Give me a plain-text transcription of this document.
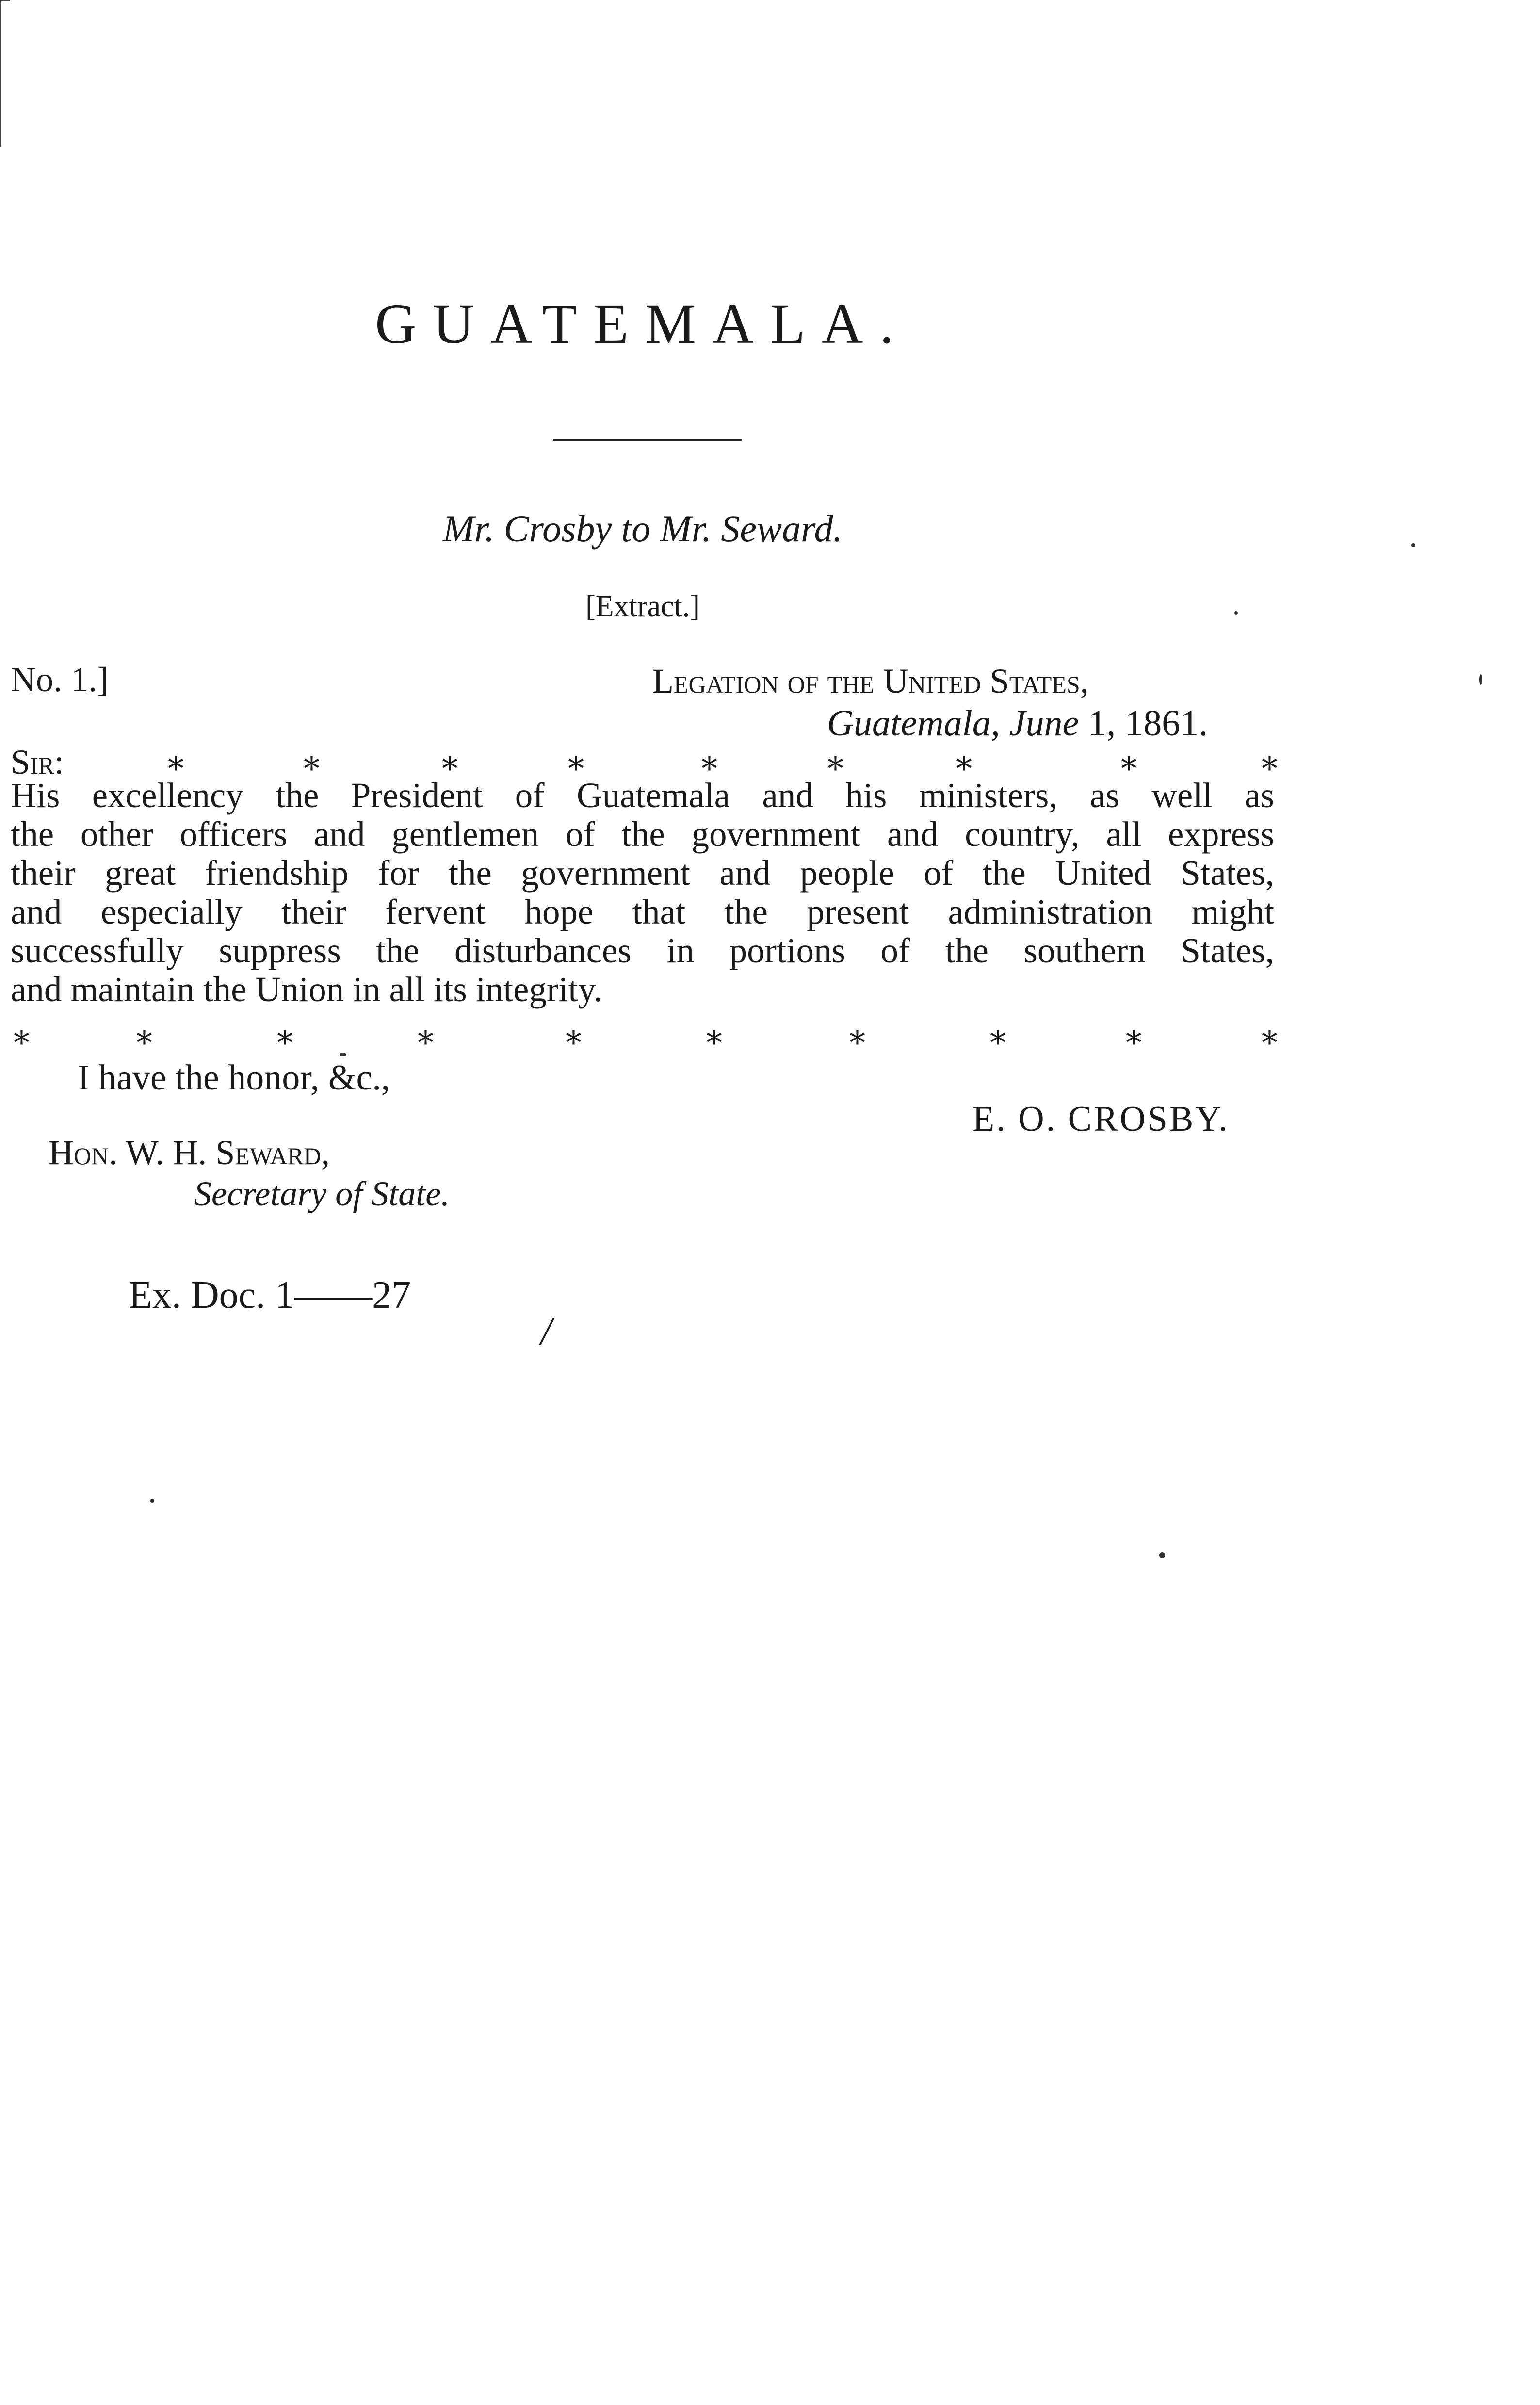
GUATEMALA.
Mr. Crosby to Mr. Seward.
[Extract.]
No. 1.]	Legation of the United States,
Guatemala, June 1, 1861.
Sir:	∗	∗	∗	∗	∗	∗	∗	∗	∗
His excellency the President of Guatemala and his ministers, as well as
the other officers and gentlemen of the government and country, all express
their great friendship for the government and people of the United States,
and especially their fervent hope that the present administration might
successfully suppress the disturbances in portions of the southern States,
and maintain the Union in all its integrity.
∗	∗	∗	∗	∗	∗	∗	∗	∗	∗
I have the honor, &c.,
E. O. CROSBY.
Hon. W. H. Seward,
Secretary of State.
Ex. Doc. 1——27
/
